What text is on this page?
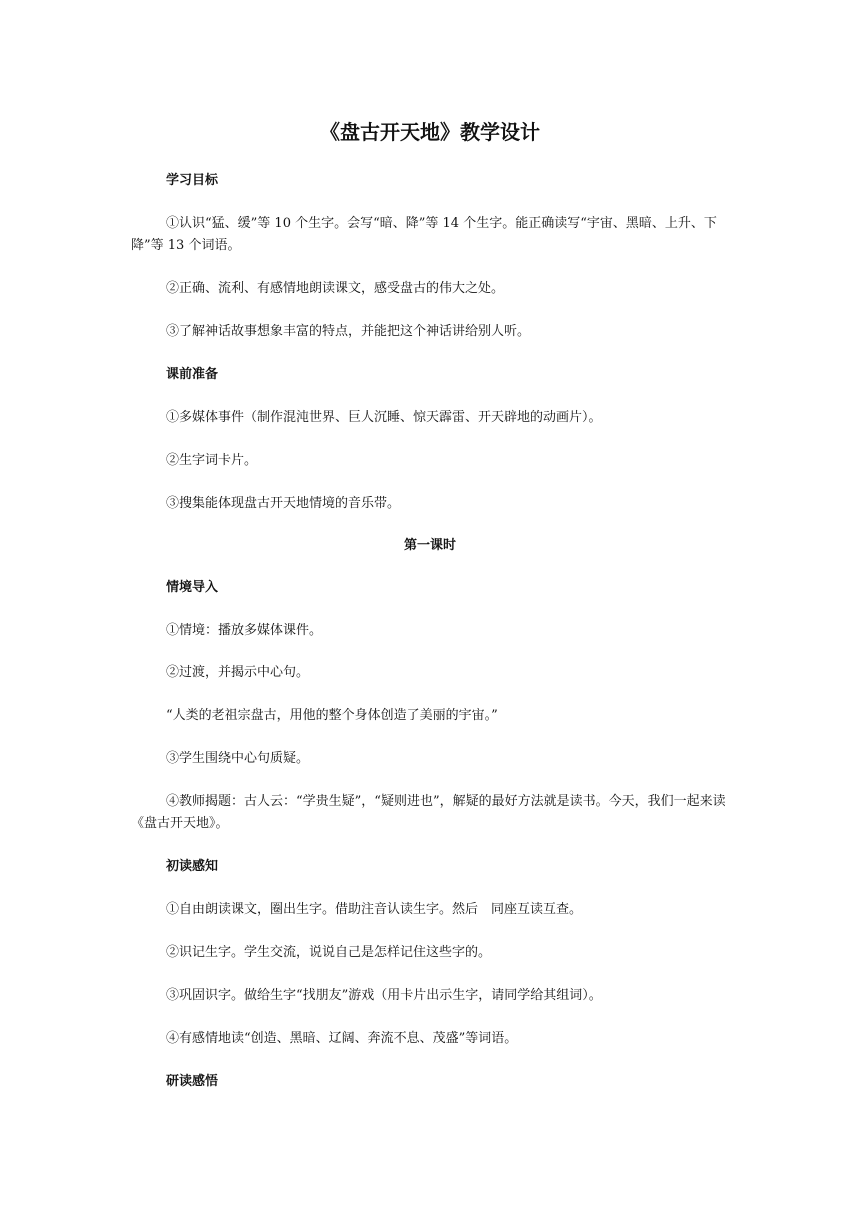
《盘古开天地》教学设计
学习目标
①认识“猛、缓”等 10 个生字。会写“暗、降”等 14 个生字。能正确读写“宇宙、黑暗、上升、下降”等 13 个词语。
②正确、流利、有感情地朗读课文，感受盘古的伟大之处。
③了解神话故事想象丰富的特点，并能把这个神话讲给别人听。
课前准备
①多媒体事件（制作混沌世界、巨人沉睡、惊天霹雷、开天辟地的动画片）。
②生字词卡片。
③搜集能体现盘古开天地情境的音乐带。
第一课时
情境导入
①情境：播放多媒体课件。
②过渡，并揭示中心句。
“人类的老祖宗盘古，用他的整个身体创造了美丽的宇宙。”
③学生围绕中心句质疑。
④教师揭题：古人云：“学贵生疑”，“疑则进也”，解疑的最好方法就是读书。今天，我们一起来读《盘古开天地》。
初读感知
①自由朗读课文，圈出生字。借助注音认读生字。然后　同座互读互查。
②识记生字。学生交流，说说自己是怎样记住这些字的。
③巩固识字。做给生字“找朋友”游戏（用卡片出示生字，请同学给其组词）。
④有感情地读“创造、黑暗、辽阔、奔流不息、茂盛”等词语。
研读感悟
